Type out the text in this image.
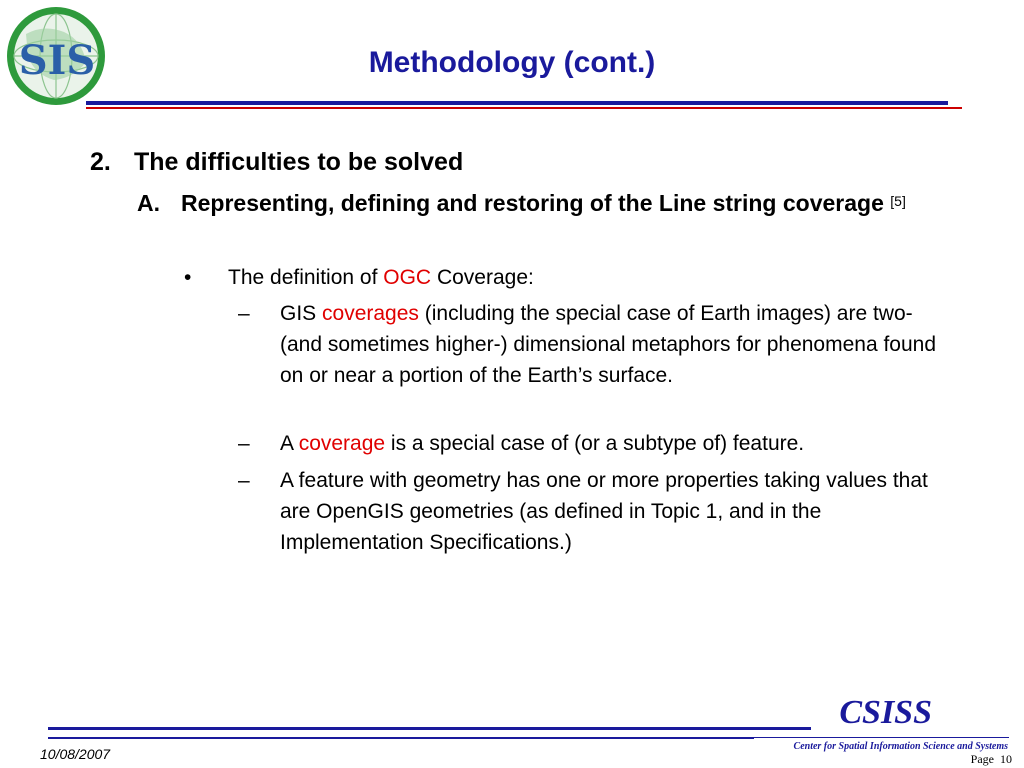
SIS	Methodology (cont.)
2. The difficulties to be solved
A. Representing, defining and restoring of the Line string coverage [5]
• The definition of OGC Coverage:
– GIS coverages (including the special case of Earth images) are two- (and sometimes higher-) dimensional metaphors for phenomena found on or near a portion of the Earth’s surface.
– A coverage is a special case of (or a subtype of) feature.
– A feature with geometry has one or more properties taking values that are OpenGIS geometries (as defined in Topic 1, and in the Implementation Specifications.)
CSISS
Center for Spatial Information Science and Systems
10/08/2007	Page 10
